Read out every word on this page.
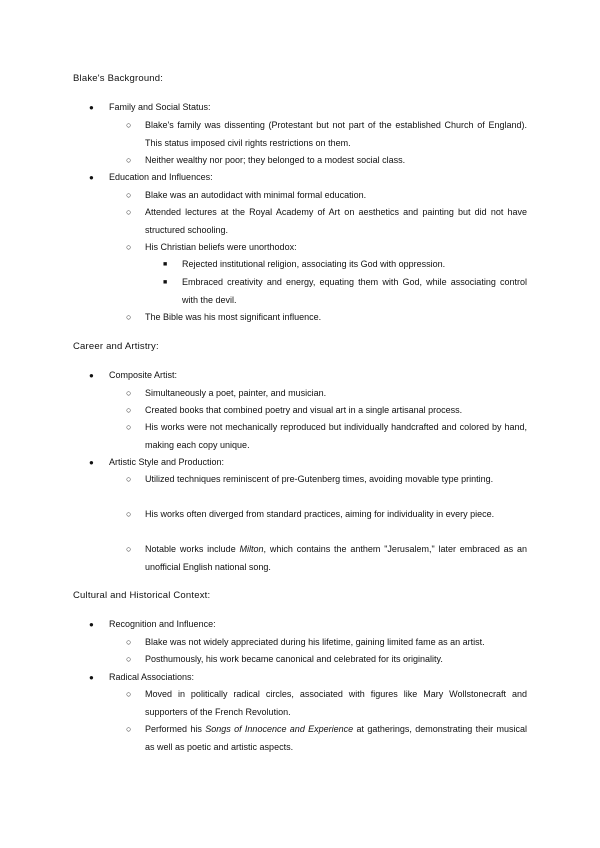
Blake's Background:

● Family and Social Status:
○ Blake's family was dissenting (Protestant but not part of the established Church of England). This status imposed civil rights restrictions on them.
○ Neither wealthy nor poor; they belonged to a modest social class.
● Education and Influences:
○ Blake was an autodidact with minimal formal education.
○ Attended lectures at the Royal Academy of Art on aesthetics and painting but did not have structured schooling.
○ His Christian beliefs were unorthodox:
■ Rejected institutional religion, associating its God with oppression.
■ Embraced creativity and energy, equating them with God, while associating control with the devil.
○ The Bible was his most significant influence.

Career and Artistry:

● Composite Artist:
○ Simultaneously a poet, painter, and musician.
○ Created books that combined poetry and visual art in a single artisanal process.
○ His works were not mechanically reproduced but individually handcrafted and colored by hand, making each copy unique.
● Artistic Style and Production:
○ Utilized techniques reminiscent of pre-Gutenberg times, avoiding movable type printing.
○ His works often diverged from standard practices, aiming for individuality in every piece.
○ Notable works include Milton, which contains the anthem "Jerusalem," later embraced as an unofficial English national song.

Cultural and Historical Context:

● Recognition and Influence:
○ Blake was not widely appreciated during his lifetime, gaining limited fame as an artist.
○ Posthumously, his work became canonical and celebrated for its originality.
● Radical Associations:
○ Moved in politically radical circles, associated with figures like Mary Wollstonecraft and supporters of the French Revolution.
○ Performed his Songs of Innocence and Experience at gatherings, demonstrating their musical as well as poetic and artistic aspects.
